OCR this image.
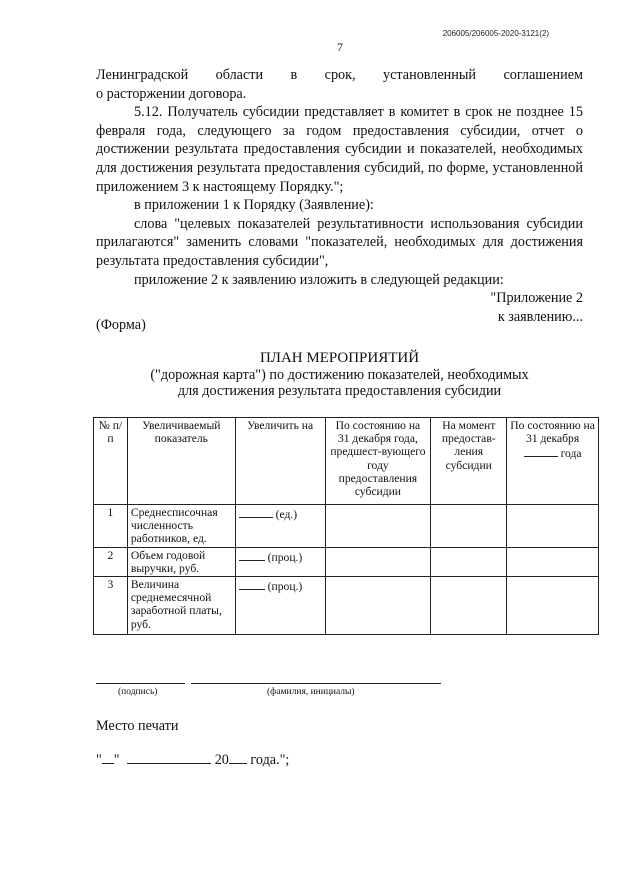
206005/206005-2020-3121(2)
7

Ленинградской области в срок, установленный соглашением

о расторжении договора.

5.12. Получатель субсидии представляет в комитет в срок не позднее 15 февраля года, следующего за годом предоставления субсидии, отчет о достижении результата предоставления субсидии и показателей, необходимых для достижения результата предоставления субсидий, по форме, установленной приложением 3 к настоящему Порядку.";

в приложении 1 к Порядку (Заявление):

слова "целевых показателей результативности использования субсидии прилагаются" заменить словами "показателей, необходимых для достижения результата предоставления субсидии",

приложение 2 к заявлению изложить в следующей редакции:

"Приложение 2

к заявлению...

(Форма)
ПЛАН МЕРОПРИЯТИЙ
("дорожная карта") по достижению показателей, необходимых
для достижения результата предоставления субсидии
№ п/п	Увеличиваемый показатель	Увеличить на	По состоянию на 31 декабря года, предшест-вующего году предоставления субсидии	На момент предостав-ления субсидии	По состоянию на 31 декабря
года
1	Среднесписочная численность работников, ед.	(ед.)			
2	Объем годовой выручки, руб.	(проц.)			
3	Величина среднемесячной заработной платы, руб.	(проц.)			
(подпись)	(фамилия, инициалы)
Место печати
" "	20 года.";
